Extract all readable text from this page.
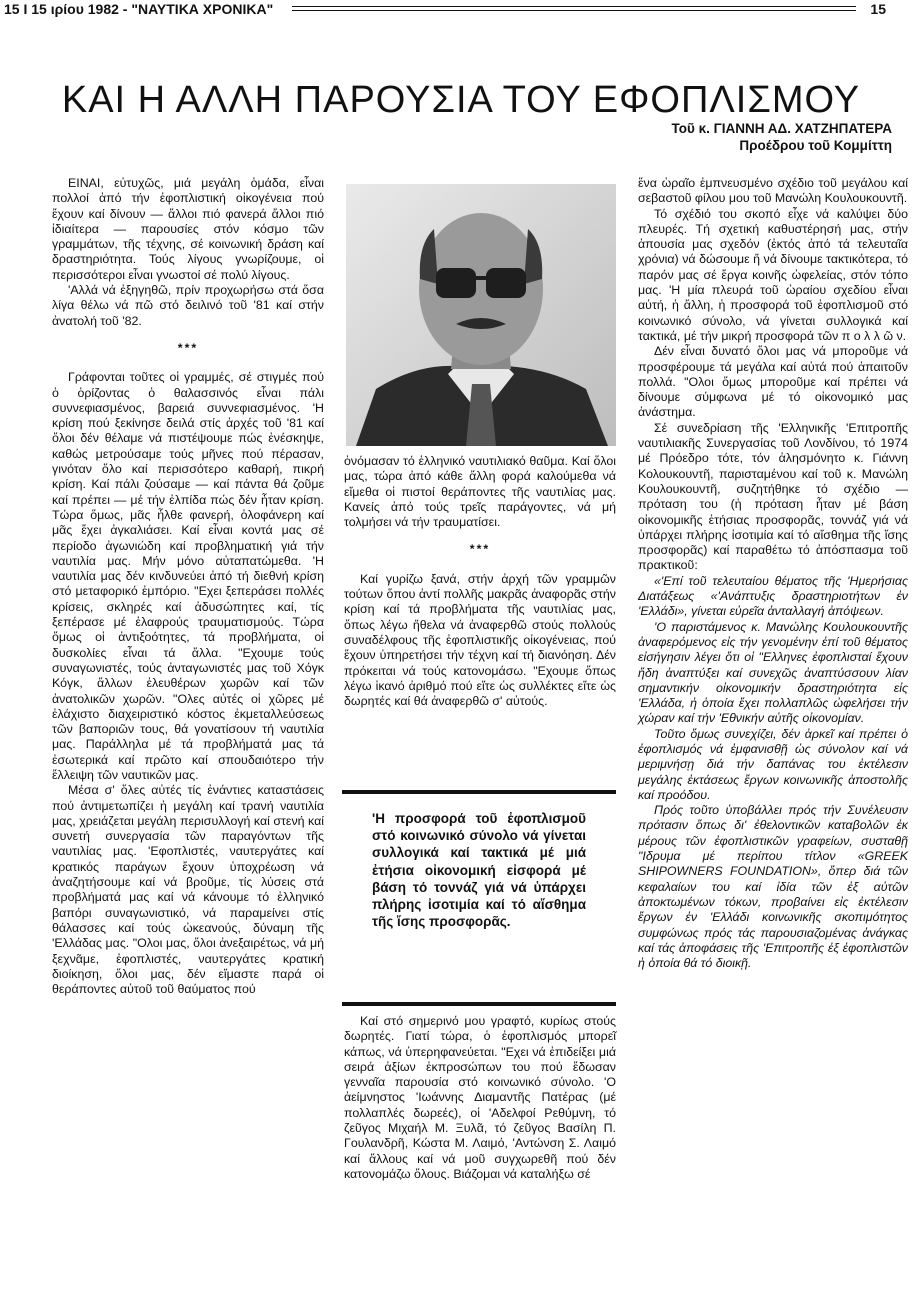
15 I 15 ιρίου 1982 - "ΝΑΥΤΙΚΑ ΧΡΟΝΙΚΑ"	15
ΚΑΙ Η ΑΛΛΗ ΠΑΡΟΥΣΙΑ ΤΟΥ ΕΦΟΠΛΙΣΜΟΥ
Τοῦ κ. ΓΙΑΝΝΗ ΑΔ. ΧΑΤΖΗΠΑΤΕΡΑ
Προέδρου τοῦ Κομμίττη

ΕΙΝΑΙ, εὐτυχῶς, μιά μεγάλη ὁμάδα, εἶναι πολλοί ἀπό τήν ἐφοπλιστική οἰκογένεια πού ἔχουν καί δίνουν — ἄλλοι πιό φανερά ἄλλοι πιό ἰδιαίτερα — παρουσίες στόν κόσμο τῶν γραμμάτων, τῆς τέχνης, σέ κοινωνική δράση καί δραστηριότητα. Τούς λίγους γνωρίζουμε, οἱ περισσότεροι εἶναι γνωστοί σέ πολύ λίγους.

'Αλλά νά ἐξηγηθῶ, πρίν προχωρήσω στά ὅσα λίγα θέλω νά πῶ στό δειλινό τοῦ '81 καί στήν ἀνατολή τοῦ '82.

***

Γράφονται τοῦτες οἱ γραμμές, σέ στιγμές πού ὁ ὁρίζοντας ὁ θαλασσινός εἶναι πάλι συννεφιασμένος, βαρειά συννεφιασμένος. 'Η κρίση πού ξεκίνησε δειλά στίς ἀρχές τοῦ '81 καί ὅλοι δέν θέλαμε νά πιστέψουμε πώς ἐνέσκηψε, καθώς μετρούσαμε τούς μῆνες πού πέρασαν, γινόταν ὅλο καί περισσότερο καθαρή, πικρή κρίση. Καί πάλι ζούσαμε — καί πάντα θά ζοῦμε καί πρέπει — μέ τήν ἐλπίδα πώς δέν ἦταν κρίση. Τώρα ὅμως, μᾶς ἦλθε φανερή, ὁλοφάνερη καί μᾶς ἔχει ἀγκαλιάσει. Καί εἶναι κοντά μας σέ περίοδο ἀγωνιώδη καί προβληματική γιά τήν ναυτιλία μας. Μήν μόνο αὐταπατώμεθα. 'Η ναυτιλία μας δέν κινδυνεύει ἀπό τή διεθνή κρίση στό μεταφορικό ἐμπόριο. "Εχει ξεπεράσει πολλές κρίσεις, σκληρές καί ἀδυσώπητες καί, τίς ξεπέρασε μέ ἐλαφρούς τραυματισμούς. Τώρα ὅμως οἱ ἀντιξοότητες, τά προβλήματα, οἱ δυσκολίες εἶναι τά ἄλλα. "Εχουμε τούς συναγωνιστές, τούς ἀνταγωνιστές μας τοῦ Χόγκ Κόγκ, ἄλλων ἐλευθέρων χωρῶν καί τῶν ἀνατολικῶν χωρῶν. "Ολες αὐτές οἱ χῶρες μέ ἐλάχιστο διαχειριστικό κόστος ἐκμεταλλεύσεως τῶν βαποριῶν τους, θά γονατίσουν τή ναυτιλία μας. Παράλληλα μέ τά προβλήματά μας τά ἐσωτερικά καί πρῶτο καί σπουδαιότερο τήν ἔλλειψη τῶν ναυτικῶν μας.

Μέσα σ' ὅλες αὐτές τίς ἐνάντιες καταστάσεις πού ἀντιμετωπίζει ἡ μεγάλη καί τρανή ναυτιλία μας, χρειάζεται μεγάλη περισυλλογή καί στενή καί συνετή συνεργασία τῶν παραγόντων τῆς ναυτιλίας μας. 'Εφοπλιστές, ναυτεργάτες καί κρατικός παράγων ἔχουν ὑποχρέωση νά ἀναζητήσουμε καί νά βροῦμε, τίς λύσεις στά προβλήματά μας καί νά κάνουμε τό ἑλληνικό βαπόρι συναγωνιστικό, νά παραμείνει στίς θάλασσες καί τούς ὠκεανούς, δύναμη τῆς 'Ελλάδας μας. "Ολοι μας, ὅλοι ἀνεξαιρέτως, νά μή ξεχνᾶμε, ἐφοπλιστές, ναυτεργάτες κρατική διοίκηση, ὅλοι μας, δέν εἴμαστε παρά οἱ θεράποντες αὐτοῦ τοῦ θαύματος πού

ὀνόμασαν τό ἑλληνικό ναυτιλιακό θαῦμα. Καί ὅλοι μας, τώρα ἀπό κάθε ἄλλη φορά καλούμεθα νά εἴμεθα οἱ πιστοί θεράποντες τῆς ναυτιλίας μας. Κανείς ἀπό τούς τρεῖς παράγοντες, νά μή τολμήσει νά τήν τραυματίσει.

***

Καί γυρίζω ξανά, στήν ἀρχή τῶν γραμμῶν τούτων ὅπου ἀντί πολλῆς μακρᾶς ἀναφορᾶς στήν κρίση καί τά προβλήματα τῆς ναυτιλίας μας, ὅπως λέγω ἤθελα νά ἀναφερθῶ στούς πολλούς συναδέλφους τῆς ἐφοπλιστικῆς οἰκογένειας, πού ἔχουν ὑπηρετήσει τήν τέχνη καί τή διανόηση. Δέν πρόκειται νά τούς κατονομάσω. "Εχουμε ὅπως λέγω ἱκανό ἀριθμό πού εἴτε ὡς συλλέκτες εἴτε ὡς δωρητές καί θά ἀναφερθῶ σ' αὐτούς.

'Η προσφορά τοῦ ἐφοπλισμοῦ στό κοινωνικό σύνολο νά γίνεται συλλογικά καί τακτικά μέ μιά ἐτήσια οἰκονομική εἰσφορά μέ βάση τό τοννάζ γιά νά ὑπάρχει πλήρης ἰσοτιμία καί τό αἴσθημα τῆς ἴσης προσφορᾶς.

Καί στό σημερινό μου γραφτό, κυρίως στούς δωρητές. Γιατί τώρα, ὁ ἐφοπλισμός μπορεῖ κάπως, νά ὑπερηφανεύεται. "Εχει νά ἐπιδείξει μιά σειρά ἀξίων ἐκπροσώπων του πού ἔδωσαν γενναῖα παρουσία στό κοινωνικό σύνολο. 'Ο ἀείμνηστος 'Ιωάννης Διαμαντῆς Πατέρας (μέ πολλαπλές δωρεές), οἱ 'Αδελφοί Ρεθύμνη, τό ζεῦγος Μιχαήλ Μ. Ξυλᾶ, τό ζεῦγος Βασίλη Π. Γουλανδρῆ, Κώστα Μ. Λαιμό, 'Αντώνση Σ. Λαιμό καί ἄλλους καί νά μοῦ συγχωρεθῆ πού δέν κατονομάζω ὅλους. Βιάζομαι νά καταλήξω σέ

ἕνα ὡραῖο ἐμπνευσμένο σχέδιο τοῦ μεγάλου καί σεβαστοῦ φίλου μου τοῦ Μανώλη Κουλουκουντῆ.

Τό σχέδιό του σκοπό εἶχε νά καλύψει δύο πλευρές. Τή σχετική καθυστέρησή μας, στήν ἀπουσία μας σχεδόν (ἐκτός ἀπό τά τελευταῖα χρόνια) νά δώσουμε ἤ νά δίνουμε τακτικότερα, τό παρόν μας σέ ἔργα κοινῆς ὠφελείας, στόν τόπο μας. 'Η μία πλευρά τοῦ ὡραίου σχεδίου εἶναι αὐτή, ἡ ἄλλη, ἡ προσφορά τοῦ ἐφοπλισμοῦ στό κοινωνικό σύνολο, νά γίνεται συλλογικά καί τακτικά, μέ τήν μικρή προσφορά τῶν π ο λ λ ῶ ν.

Δέν εἶναι δυνατό ὅλοι μας νά μποροῦμε νά προσφέρουμε τά μεγάλα καί αὐτά πού ἀπαιτοῦν πολλά. "Ολοι ὅμως μποροῦμε καί πρέπει νά δίνουμε σύμφωνα μέ τό οἰκονομικό μας ἀνάστημα.

Σέ συνεδρίαση τῆς 'Ελληνικῆς 'Επιτροπῆς ναυτιλιακῆς Συνεργασίας τοῦ Λονδίνου, τό 1974 μέ Πρόεδρο τότε, τόν ἀλησμόνητο κ. Γιάννη Κολουκουντῆ, παρισταμένου καί τοῦ κ. Μανώλη Κουλουκουντῆ, συζητήθηκε τό σχέδιο — πρόταση του (ἡ πρόταση ἦταν μέ βάση οἰκονομικῆς ἐτήσιας προσφορᾶς, τοννάζ γιά νά ὑπάρχει πλήρης ἰσοτιμία καί τό αἴσθημα τῆς ἴσης προσφορᾶς) καί παραθέτω τό ἀπόσπασμα τοῦ πρακτικοῦ:

«'Επί τοῦ τελευταίου θέματος τῆς 'Ημερήσιας Διατάξεως «'Ανάπτυξις δραστηριοτήτων ἐν 'Ελλάδι», γίνεται εὐρεῖα ἀνταλλαγή ἀπόψεων.

'Ο παριστάμενος κ. Μανώλης Κουλουκουντῆς ἀναφερόμενος εἰς τήν γενομένην ἐπί τοῦ θέματος εἰσήγησιν λέγει ὅτι οἱ "Ελληνες ἐφοπλισταί ἔχουν ἤδη ἀναπτύξει καί συνεχῶς ἀναπτύσσουν λίαν σημαντικήν οἰκονομικήν δραστηριότητα εἰς 'Ελλάδα, ἡ ὁποία ἔχει πολλαπλῶς ὠφελήσει τήν χώραν καί τήν 'Εθνικήν αὐτῆς οἰκονομίαν.

Τοῦτο ὅμως συνεχίζει, δέν ἀρκεῖ καί πρέπει ὁ ἐφοπλισμός νά ἐμφανισθῇ ὡς σύνολον καί νά μεριμνήσῃ διά τήν δαπάνας του ἐκτέλεσιν μεγάλης ἐκτάσεως ἔργων κοινωνικῆς ἀποστολῆς καί προόδου.

Πρός τοῦτο ὑποβάλλει πρός τήν Συνέλευσιν πρότασιν ὅπως δι' ἐθελοντικῶν καταβολῶν ἐκ μέρους τῶν ἐφοπλιστικῶν γραφείων, συσταθῇ "Ιδρυμα μέ περίπου τίτλον «GREEK SHIPOWNERS FOUNDATION», ὅπερ διά τῶν κεφαλαίων του καί ἰδία τῶν ἐξ αὐτῶν ἀποκτωμένων τόκων, προβαίνει εἰς ἐκτέλεσιν ἔργων ἐν 'Ελλάδι κοινωνικῆς σκοπιμότητος συμφώνως πρός τάς παρουσιαζομένας ἀνάγκας καί τάς ἀποφάσεις τῆς 'Επιτροπῆς ἐξ ἐφοπλιστῶν ἡ ὁποία θά τό διοικῇ.
